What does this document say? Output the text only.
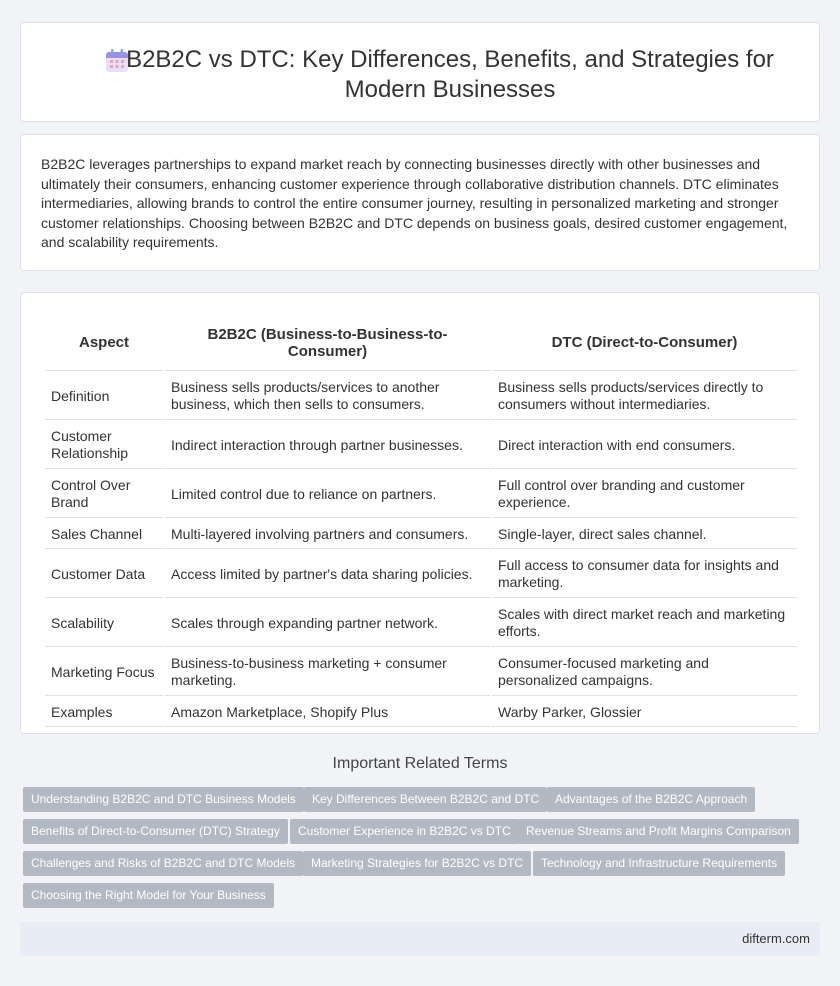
B2B2C vs DTC: Key Differences, Benefits, and Strategies for Modern Businesses

B2B2C leverages partnerships to expand market reach by connecting businesses directly with other businesses and ultimately their consumers, enhancing customer experience through collaborative distribution channels. DTC eliminates intermediaries, allowing brands to control the entire consumer journey, resulting in personalized marketing and stronger customer relationships. Choosing between B2B2C and DTC depends on business goals, desired customer engagement, and scalability requirements.

Aspect	B2B2C (Business-to-Business-to-Consumer)	DTC (Direct-to-Consumer)
Definition	Business sells products/services to another business, which then sells to consumers.	Business sells products/services directly to consumers without intermediaries.
Customer Relationship	Indirect interaction through partner businesses.	Direct interaction with end consumers.
Control Over Brand	Limited control due to reliance on partners.	Full control over branding and customer experience.
Sales Channel	Multi-layered involving partners and consumers.	Single-layer, direct sales channel.
Customer Data	Access limited by partner's data sharing policies.	Full access to consumer data for insights and marketing.
Scalability	Scales through expanding partner network.	Scales with direct market reach and marketing efforts.
Marketing Focus	Business-to-business marketing + consumer marketing.	Consumer-focused marketing and personalized campaigns.
Examples	Amazon Marketplace, Shopify Plus	Warby Parker, Glossier
Important Related Terms
Understanding B2B2C and DTC Business Models	Key Differences Between B2B2C and DTC	Advantages of the B2B2C Approach
Benefits of Direct-to-Consumer (DTC) Strategy	Customer Experience in B2B2C vs DTC	Revenue Streams and Profit Margins Comparison
Challenges and Risks of B2B2C and DTC Models	Marketing Strategies for B2B2C vs DTC	Technology and Infrastructure Requirements
Choosing the Right Model for Your Business
difterm.com
